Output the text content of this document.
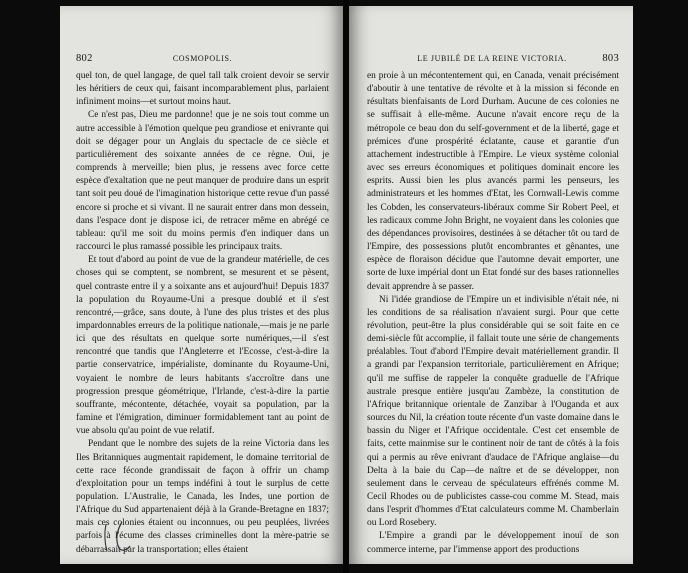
802	COSMOPOLIS.

quel ton, de quel langage, de quel tall talk croient devoir se servir les héritiers de ceux qui, faisant incomparablement plus, parlaient infiniment moins—et surtout moins haut.

Ce n'est pas, Dieu me pardonne! que je ne sois tout comme un autre accessible à l'émotion quelque peu grandiose et enivrante qui doit se dégager pour un Anglais du spectacle de ce siècle et particulièrement des soixante années de ce règne. Oui, je comprends à merveille; bien plus, je ressens avec force cette espèce d'exaltation que ne peut manquer de produire dans un esprit tant soit peu doué de l'imagination historique cette revue d'un passé encore si proche et si vivant. Il ne saurait entrer dans mon dessein, dans l'espace dont je dispose ici, de retracer même en abrégé ce tableau: qu'il me soit du moins permis d'en indiquer dans un raccourci le plus ramassé possible les principaux traits.

Et tout d'abord au point de vue de la grandeur matérielle, de ces choses qui se comptent, se nombrent, se mesurent et se pèsent, quel contraste entre il y a soixante ans et aujourd'hui! Depuis 1837 la population du Royaume-Uni a presque doublé et il s'est rencontré,—grâce, sans doute, à l'une des plus tristes et des plus impardonnables erreurs de la politique nationale,—mais je ne parle ici que des résultats en quelque sorte numériques,—il s'est rencontré que tandis que l'Angleterre et l'Ecosse, c'est-à-dire la partie conservatrice, impérialiste, dominante du Royaume-Uni, voyaient le nombre de leurs habitants s'accroître dans une progression presque géométrique, l'Irlande, c'est-à-dire la partie souffrante, mécontente, détachée, voyait sa population, par la famine et l'émigration, diminuer formidablement tant au point de vue absolu qu'au point de vue relatif.

Pendant que le nombre des sujets de la reine Victoria dans les Iles Britanniques augmentait rapidement, le domaine territorial de cette race féconde grandissait de façon à offrir un champ d'exploitation pour un temps indéfini à tout le surplus de cette population. L'Australie, le Canada, les Indes, une portion de l'Afrique du Sud appartenaient déjà à la Grande-Bretagne en 1837; mais ces colonies étaient ou inconnues, ou peu peuplées, livrées parfois à l'écume des classes criminelles dont la mère-patrie se débarrassait par la transportation; elles étaient

LE JUBILÉ DE LA REINE VICTORIA.	803

en proie à un mécontentement qui, en Canada, venait précisément d'aboutir à une tentative de révolte et à la mission si féconde en résultats bienfaisants de Lord Durham. Aucune de ces colonies ne se suffisait à elle-même. Aucune n'avait encore reçu de la métropole ce beau don du self-government et de la liberté, gage et prémices d'une prospérité éclatante, cause et garantie d'un attachement indestructible à l'Empire. Le vieux système colonial avec ses erreurs économiques et politiques dominait encore les esprits. Aussi bien les plus avancés parmi les penseurs, les administrateurs et les hommes d'Etat, les Cornwall-Lewis comme les Cobden, les conservateurs-libéraux comme Sir Robert Peel, et les radicaux comme John Bright, ne voyaient dans les colonies que des dépendances provisoires, destinées à se détacher tôt ou tard de l'Empire, des possessions plutôt encombrantes et gênantes, une espèce de floraison décidue que l'automne devait emporter, une sorte de luxe impérial dont un Etat fondé sur des bases rationnelles devait apprendre à se passer.

Ni l'idée grandiose de l'Empire un et indivisible n'était née, ni les conditions de sa réalisation n'avaient surgi. Pour que cette révolution, peut-être la plus considérable qui se soit faite en ce demi-siècle fût accomplie, il fallait toute une série de changements préalables. Tout d'abord l'Empire devait matériellement grandir. Il a grandi par l'expansion territoriale, particulièrement en Afrique; qu'il me suffise de rappeler la conquête graduelle de l'Afrique australe presque entière jusqu'au Zambèze, la constitution de l'Afrique britannique orientale de Zanzibar à l'Ouganda et aux sources du Nil, la création toute récente d'un vaste domaine dans le bassin du Niger et l'Afrique occidentale. C'est cet ensemble de faits, cette mainmise sur le continent noir de tant de côtés à la fois qui a permis au rêve enivrant d'audace de l'Afrique anglaise—du Delta à la baie du Cap—de naître et de se développer, non seulement dans le cerveau de spéculateurs effrénés comme M. Cecil Rhodes ou de publicistes casse-cou comme M. Stead, mais dans l'esprit d'hommes d'Etat calculateurs comme M. Chamberlain ou Lord Rosebery.

L'Empire a grandi par le développement inouï de son commerce interne, par l'immense apport des productions
